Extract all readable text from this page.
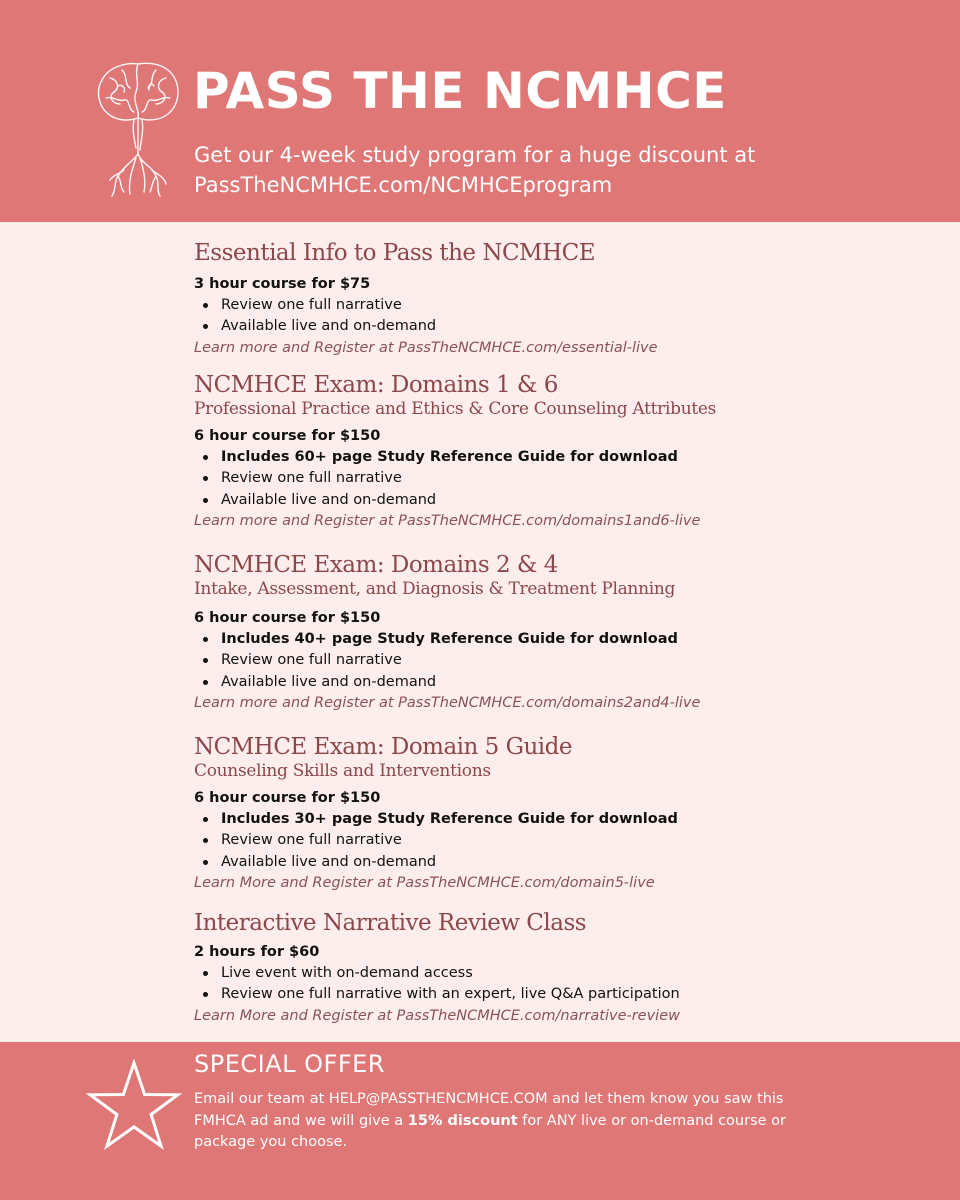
PASS THE NCMHCE
Get our 4-week study program for a huge discount at
PassTheNCMHCE.com/NCMHCEprogram
Essential Info to Pass the NCMHCE
3 hour course for $75
Review one full narrative
Available live and on-demand
Learn more and Register at PassTheNCMHCE.com/essential-live
NCMHCE Exam: Domains 1 & 6
Professional Practice and Ethics & Core Counseling Attributes
6 hour course for $150
Includes 60+ page Study Reference Guide for download
Review one full narrative
Available live and on-demand
Learn more and Register at PassTheNCMHCE.com/domains1and6-live
NCMHCE Exam: Domains 2 & 4
Intake, Assessment, and Diagnosis & Treatment Planning
6 hour course for $150
Includes 40+ page Study Reference Guide for download
Review one full narrative
Available live and on-demand
Learn more and Register at PassTheNCMHCE.com/domains2and4-live
NCMHCE Exam: Domain 5 Guide
Counseling Skills and Interventions
6 hour course for $150
Includes 30+ page Study Reference Guide for download
Review one full narrative
Available live and on-demand
Learn More and Register at PassTheNCMHCE.com/domain5-live
Interactive Narrative Review Class
2 hours for $60
Live event with on-demand access
Review one full narrative with an expert, live Q&A participation
Learn More and Register at PassTheNCMHCE.com/narrative-review
SPECIAL OFFER
Email our team at HELP@PASSTHENCMHCE.COM and let them know you saw this FMHCA ad and we will give a 15% discount for ANY live or on-demand course or package you choose.
